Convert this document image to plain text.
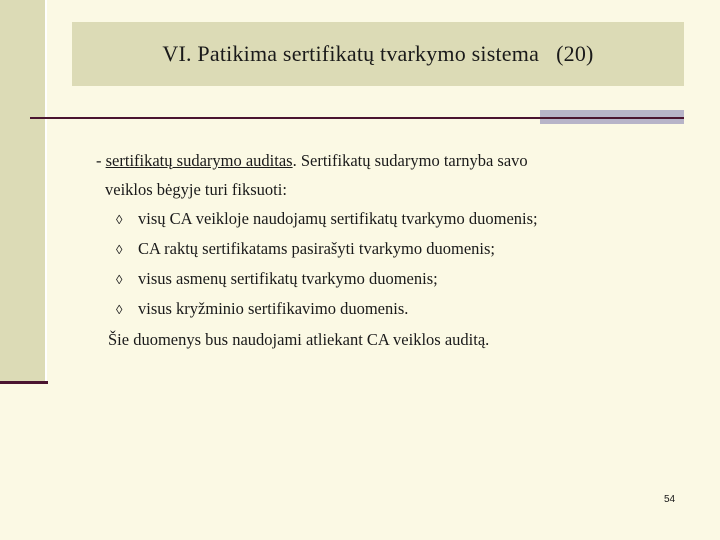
VI. Patikima sertifikatų tvarkymo sistema   (20)
- sertifikatų sudarymo auditas. Sertifikatų sudarymo tarnyba savo
veiklos bėgyje turi fiksuoti:
◊ visų CA veikloje naudojamų sertifikatų tvarkymo duomenis;
◊ CA raktų sertifikatams pasirašyti tvarkymo duomenis;
◊ visus asmenų sertifikatų tvarkymo duomenis;
◊ visus kryžminio sertifikavimo duomenis.
Šie duomenys bus naudojami atliekant CA veiklos auditą.
54
